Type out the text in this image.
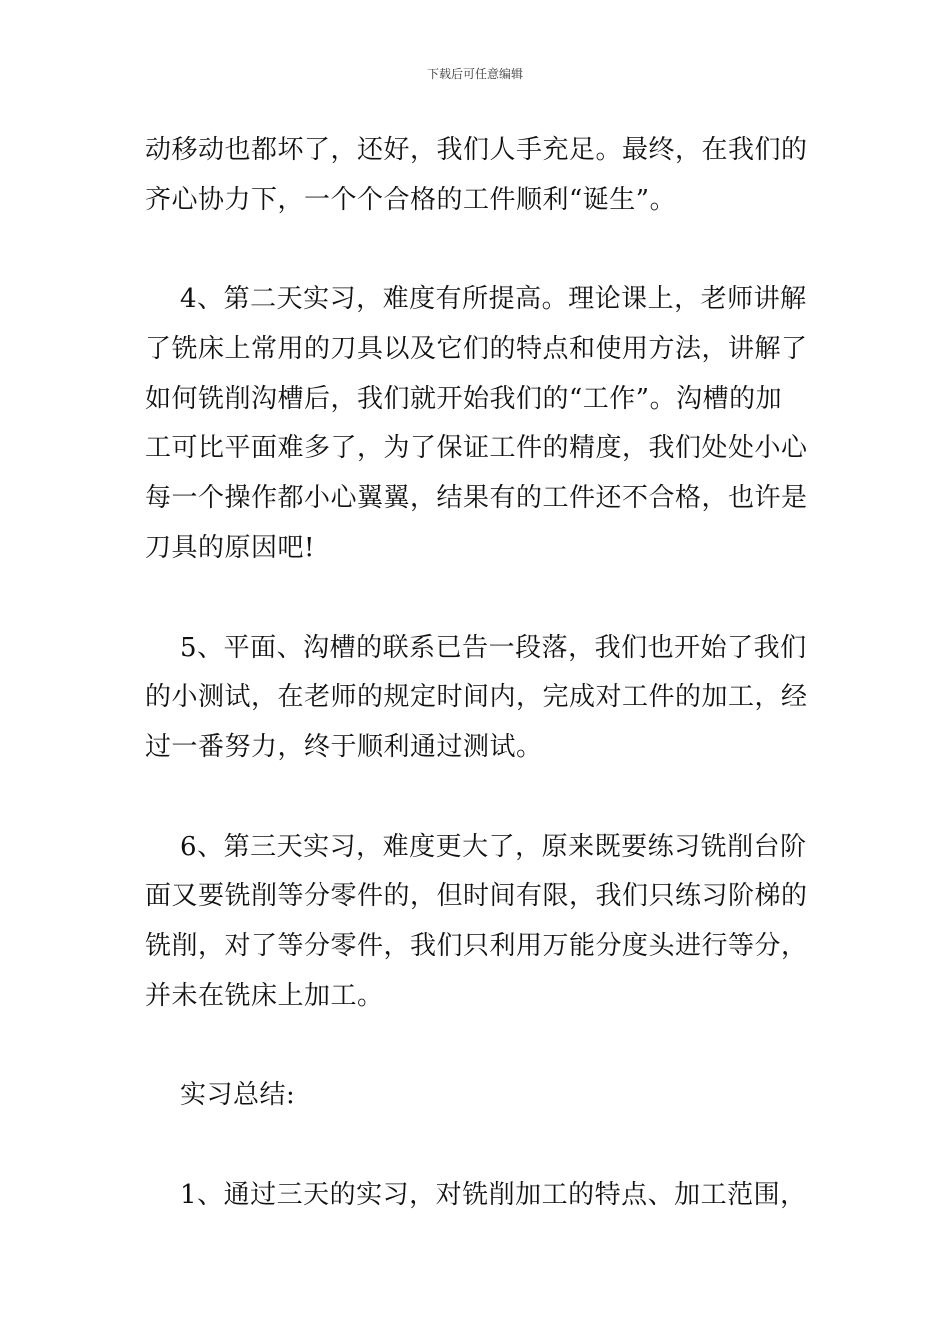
下载后可任意编辑

动移动也都坏了，还好，我们人手充足。最终，在我们的
齐心协力下，一个个合格的工件顺利“诞生”。

4、第二天实习，难度有所提高。理论课上，老师讲解
了铣床上常用的刀具以及它们的特点和使用方法，讲解了
如何铣削沟槽后，我们就开始我们的“工作”。沟槽的加
工可比平面难多了，为了保证工件的精度，我们处处小心
每一个操作都小心翼翼，结果有的工件还不合格，也许是
刀具的原因吧!

5、平面、沟槽的联系已告一段落，我们也开始了我们
的小测试，在老师的规定时间内，完成对工件的加工，经
过一番努力，终于顺利通过测试。

6、第三天实习，难度更大了，原来既要练习铣削台阶
面又要铣削等分零件的，但时间有限，我们只练习阶梯的
铣削，对了等分零件，我们只利用万能分度头进行等分，
并未在铣床上加工。

实习总结:

1、通过三天的实习，对铣削加工的特点、加工范围，
